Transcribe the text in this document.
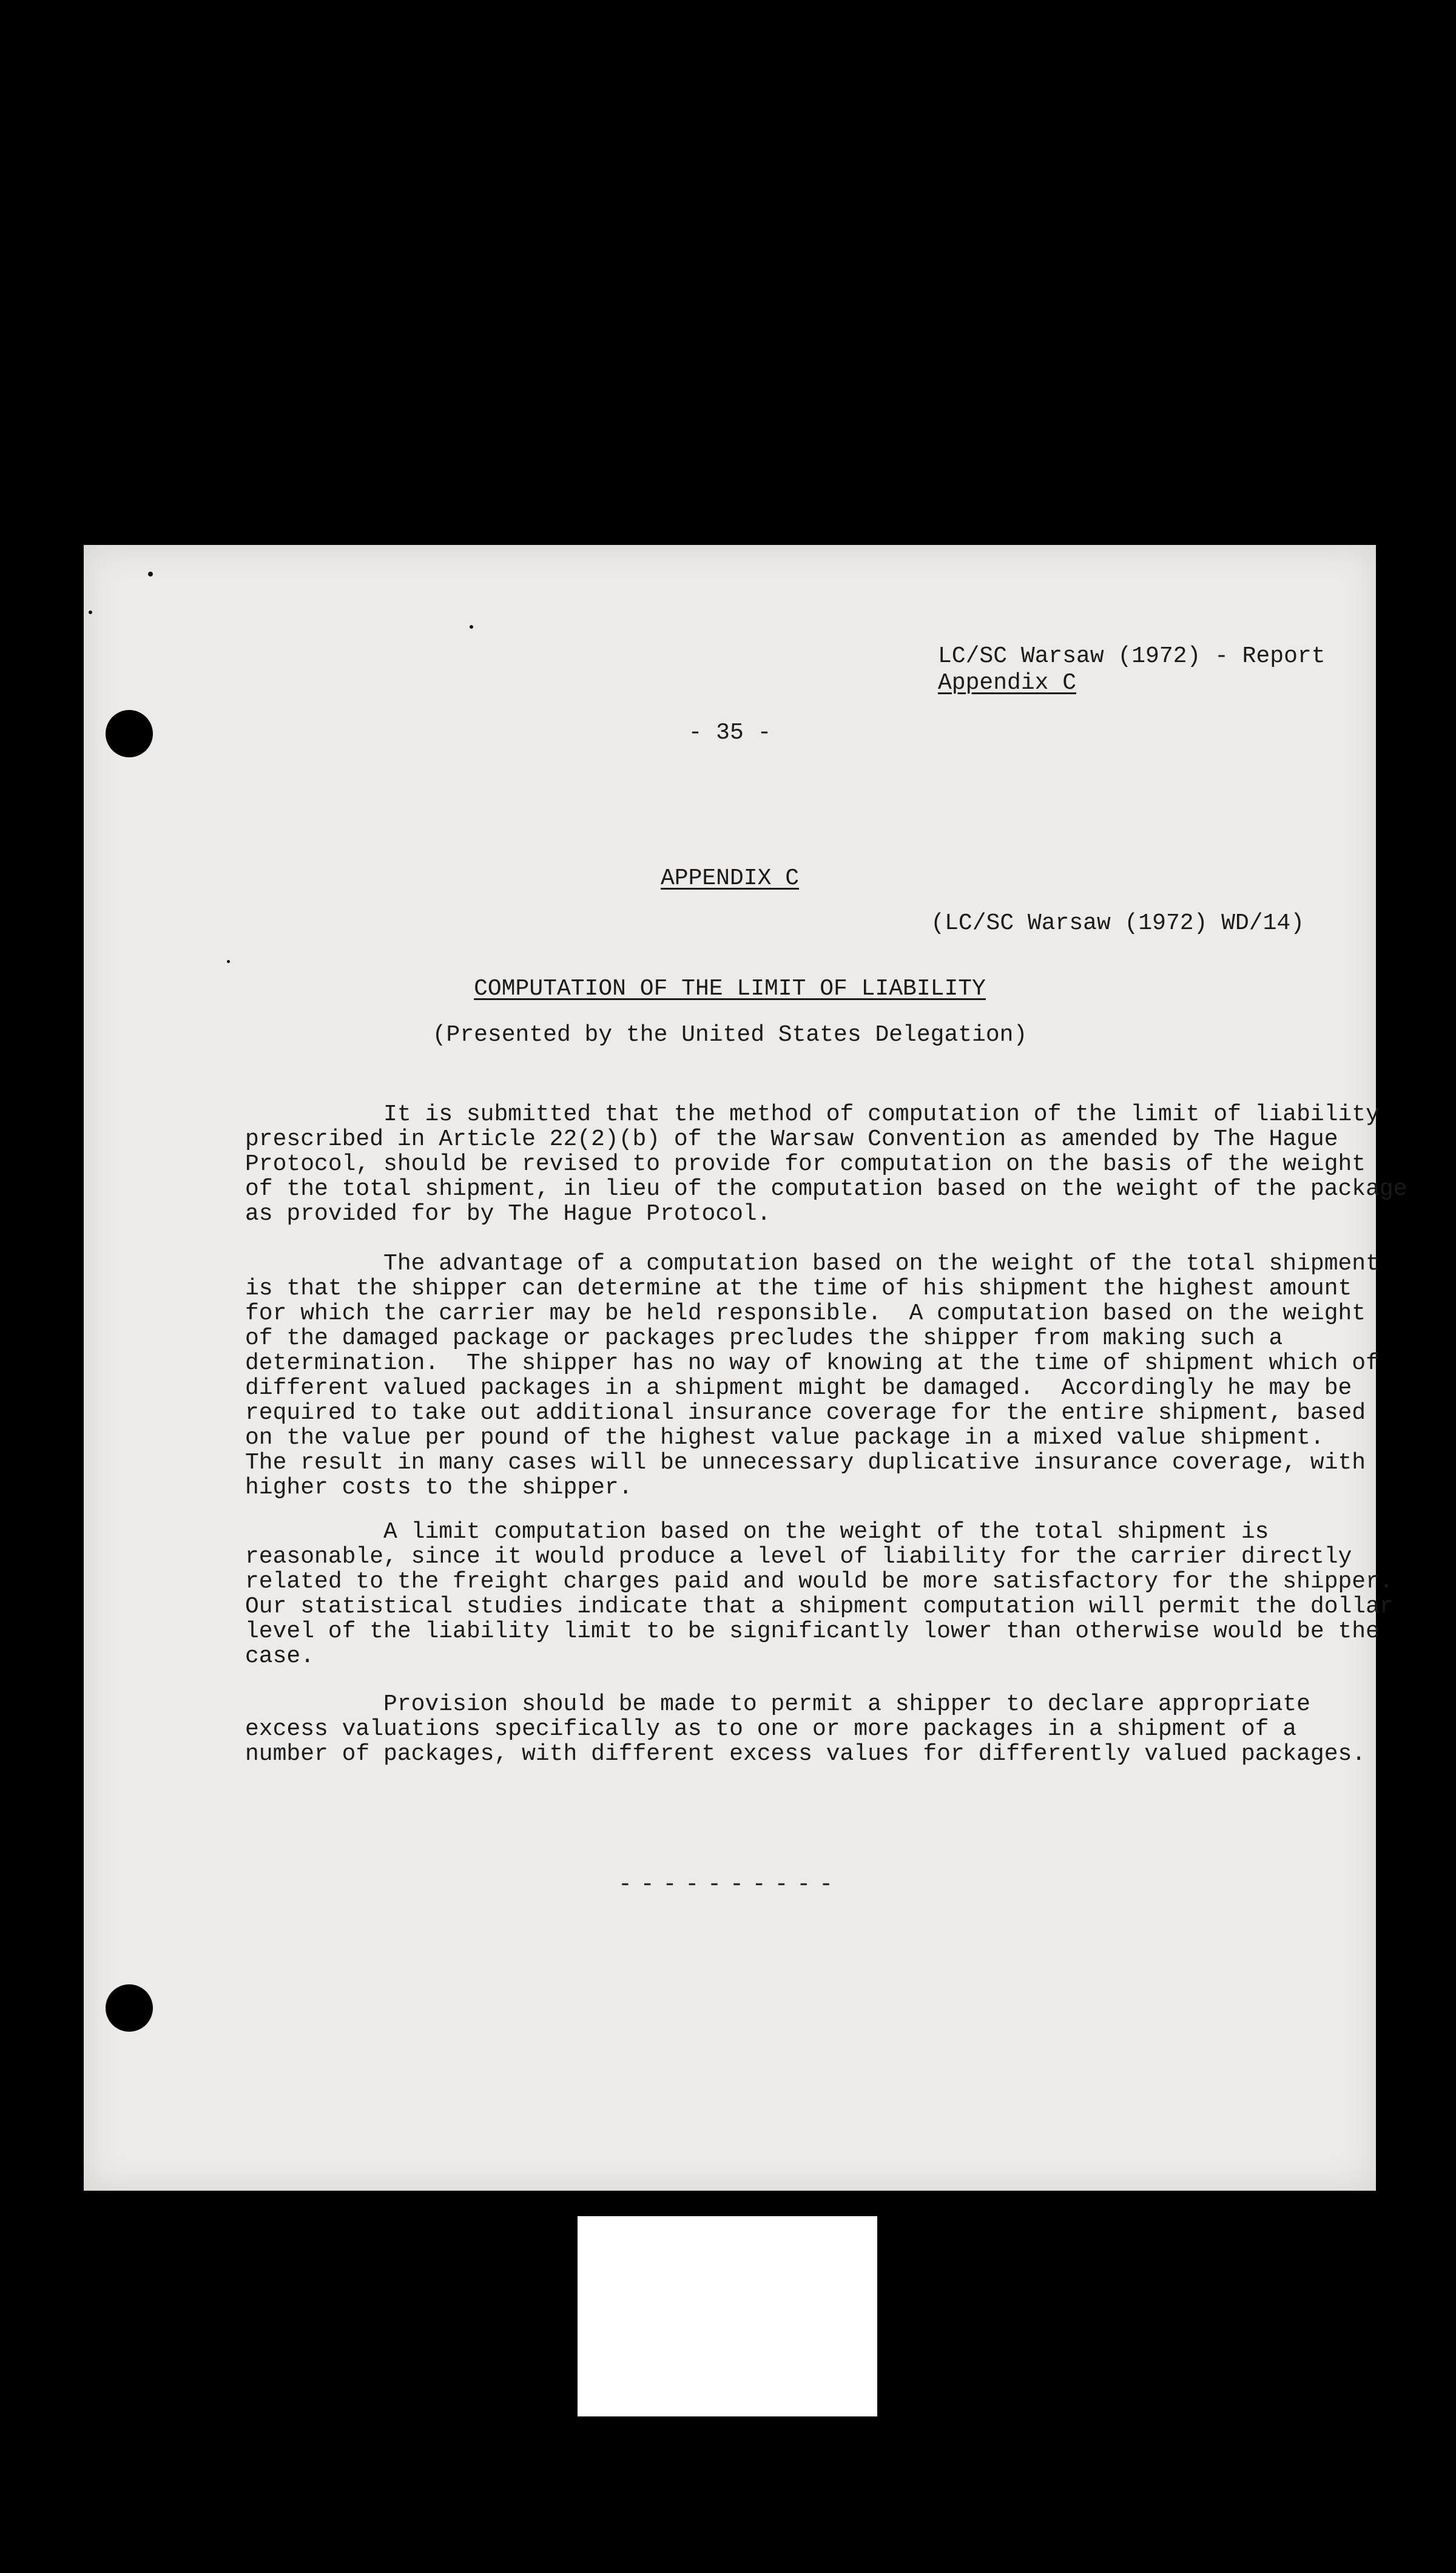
LC/SC Warsaw (1972) - Report
Appendix C
- 35 -
APPENDIX C
(LC/SC Warsaw (1972) WD/14)
COMPUTATION OF THE LIMIT OF LIABILITY
(Presented by the United States Delegation)
It is submitted that the method of computation of the limit of liability
prescribed in Article 22(2)(b) of the Warsaw Convention as amended by The Hague
Protocol, should be revised to provide for computation on the basis of the weight
of the total shipment, in lieu of the computation based on the weight of the package
as provided for by The Hague Protocol.
The advantage of a computation based on the weight of the total shipment
is that the shipper can determine at the time of his shipment the highest amount
for which the carrier may be held responsible.  A computation based on the weight
of the damaged package or packages precludes the shipper from making such a
determination.  The shipper has no way of knowing at the time of shipment which of
different valued packages in a shipment might be damaged.  Accordingly he may be
required to take out additional insurance coverage for the entire shipment, based
on the value per pound of the highest value package in a mixed value shipment.
The result in many cases will be unnecessary duplicative insurance coverage, with
higher costs to the shipper.
A limit computation based on the weight of the total shipment is
reasonable, since it would produce a level of liability for the carrier directly
related to the freight charges paid and would be more satisfactory for the shipper.
Our statistical studies indicate that a shipment computation will permit the dollar
level of the liability limit to be significantly lower than otherwise would be the
case.
Provision should be made to permit a shipper to declare appropriate
excess valuations specifically as to one or more packages in a shipment of a
number of packages, with different excess values for differently valued packages.
----------
